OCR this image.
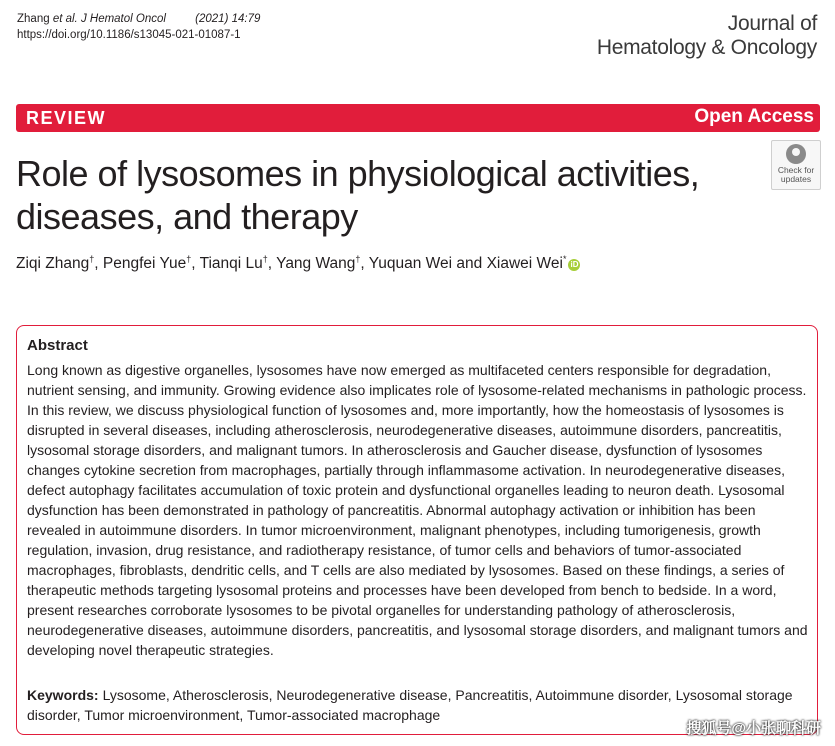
Zhang et al. J Hematol Oncol	(2021) 14:79
https://doi.org/10.1186/s13045-021-01087-1	Journal of
Hematology & Oncology
REVIEW	Open Access
Check for
updates
Role of lysosomes in physiological activities, diseases, and therapy
Ziqi Zhang†, Pengfei Yue†, Tianqi Lu†, Yang Wang†, Yuquan Wei and Xiawei Wei*iD
Abstract

Long known as digestive organelles, lysosomes have now emerged as multifaceted centers responsible for degradation, nutrient sensing, and immunity. Growing evidence also implicates role of lysosome-related mechanisms in pathologic process. In this review, we discuss physiological function of lysosomes and, more importantly, how the homeostasis of lysosomes is disrupted in several diseases, including atherosclerosis, neurodegenerative diseases, autoimmune disorders, pancreatitis, lysosomal storage disorders, and malignant tumors. In atherosclerosis and Gaucher disease, dysfunction of lysosomes changes cytokine secretion from macrophages, partially through inflammasome activation. In neurodegenerative diseases, defect autophagy facilitates accumulation of toxic protein and dysfunctional organelles leading to neuron death. Lysosomal dysfunction has been demonstrated in pathology of pancreatitis. Abnormal autophagy activation or inhibition has been revealed in autoimmune disorders. In tumor microenvironment, malignant phenotypes, including tumorigenesis, growth regulation, invasion, drug resistance, and radiotherapy resistance, of tumor cells and behaviors of tumor-associated macrophages, fibroblasts, dendritic cells, and T cells are also mediated by lysosomes. Based on these findings, a series of therapeutic methods targeting lysosomal proteins and processes have been developed from bench to bedside. In a word, present researches corroborate lysosomes to be pivotal organelles for understanding pathology of atherosclerosis, neurodegenerative diseases, autoimmune disorders, pancreatitis, and lysosomal storage disorders, and malignant tumors and developing novel therapeutic strategies.

Keywords: Lysosome, Atherosclerosis, Neurodegenerative disease, Pancreatitis, Autoimmune disorder, Lysosomal storage disorder, Tumor microenvironment, Tumor-associated macrophage

搜狐号@小张聊科研
